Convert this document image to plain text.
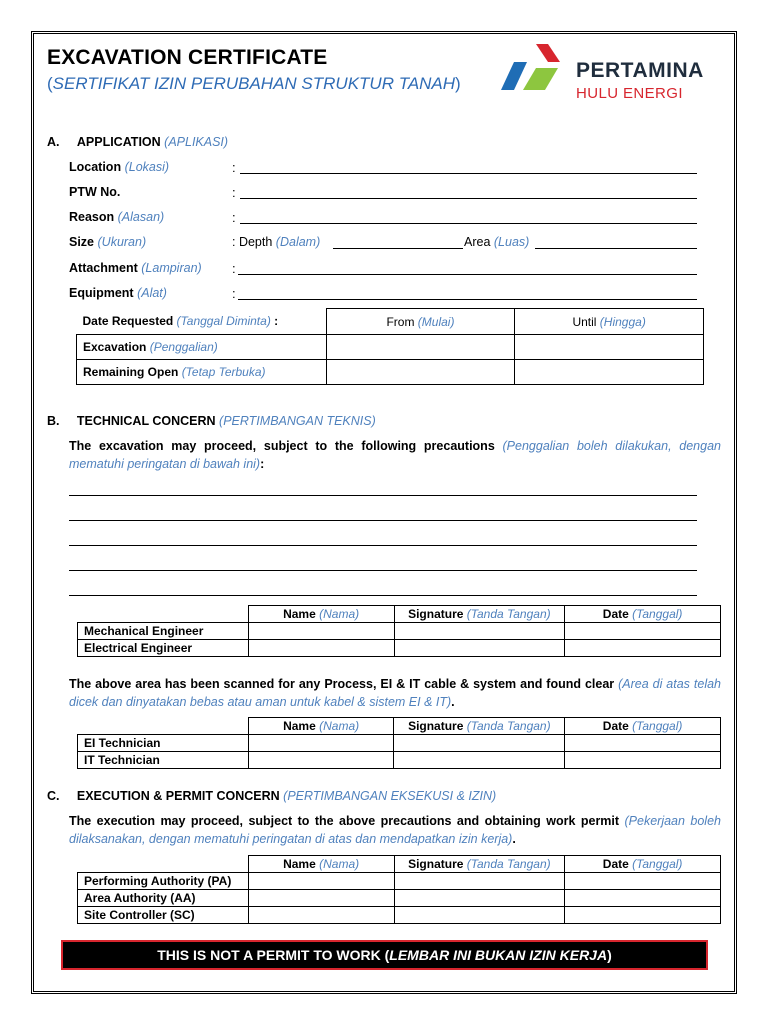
EXCAVATION CERTIFICATE
(SERTIFIKAT IZIN PERUBAHAN STRUKTUR TANAH)
PERTAMINA
HULU ENERGI
A. APPLICATION (APLIKASI)
Location (Lokasi)	:
PTW No.	:
Reason (Alasan)	:
Size (Ukuran)	: Depth (Dalam)	Area (Luas)
Attachment (Lampiran) :
Equipment (Alat)	:
Date Requested (Tanggal Diminta) :	From (Mulai)	Until (Hingga)
Excavation (Penggalian)		
Remaining Open (Tetap Terbuka)		
B. TECHNICAL CONCERN (PERTIMBANGAN TEKNIS)
The excavation may proceed, subject to the following precautions (Penggalian boleh dilakukan, dengan mematuhi peringatan di bawah ini):
	Name (Nama)	Signature (Tanda Tangan)	Date (Tanggal)
Mechanical Engineer			
Electrical Engineer			
The above area has been scanned for any Process, EI & IT cable & system and found clear (Area di atas telah dicek dan dinyatakan bebas atau aman untuk kabel & sistem EI & IT).
	Name (Nama)	Signature (Tanda Tangan)	Date (Tanggal)
EI Technician			
IT Technician			
C. EXECUTION & PERMIT CONCERN (PERTIMBANGAN EKSEKUSI & IZIN)
The execution may proceed, subject to the above precautions and obtaining work permit (Pekerjaan boleh dilaksanakan, dengan mematuhi peringatan di atas dan mendapatkan izin kerja).
	Name (Nama)	Signature (Tanda Tangan)	Date (Tanggal)
Performing Authority (PA)			
Area Authority (AA)			
Site Controller (SC)			
THIS IS NOT A PERMIT TO WORK (LEMBAR INI BUKAN IZIN KERJA)
